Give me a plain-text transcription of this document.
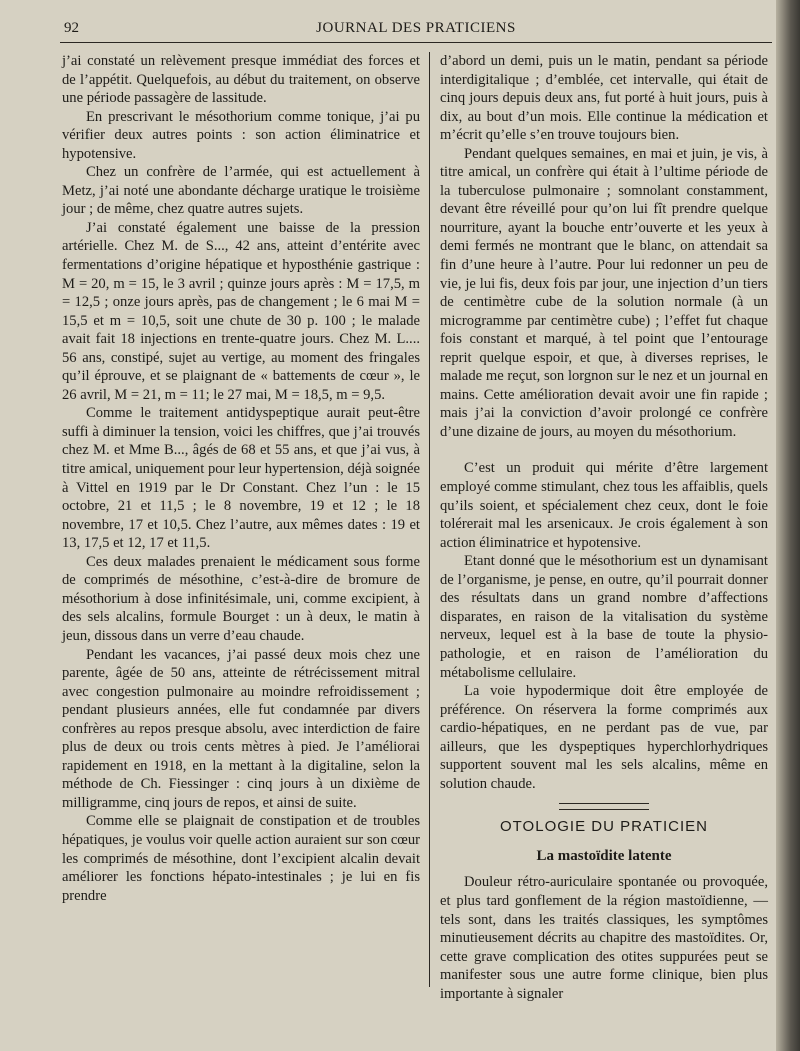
92	JOURNAL DES PRATICIENS

j’ai constaté un relèvement presque immédiat des forces et de l’appétit. Quelquefois, au début du traitement, on observe une période passagère de lassitude.

En prescrivant le mésothorium comme tonique, j’ai pu vérifier deux autres points : son action éliminatrice et hypotensive.

Chez un confrère de l’armée, qui est actuellement à Metz, j’ai noté une abondante décharge uratique le troisième jour ; de même, chez quatre autres sujets.

J’ai constaté également une baisse de la pression artérielle. Chez M. de S..., 42 ans, atteint d’entérite avec fermentations d’origine hépatique et hyposthénie gastrique : M = 20, m = 15, le 3 avril ; quinze jours après : M = 17,5, m = 12,5 ; onze jours après, pas de changement ; le 6 mai M = 15,5 et m = 10,5, soit une chute de 30 p. 100 ; le malade avait fait 18 injections en trente-quatre jours. Chez M. L.... 56 ans, constipé, sujet au vertige, au moment des fringales qu’il éprouve, et se plaignant de « battements de cœur », le 26 avril, M = 21, m = 11; le 27 mai, M = 18,5, m = 9,5.

Comme le traitement antidyspeptique aurait peut-être suffi à diminuer la tension, voici les chiffres, que j’ai trouvés chez M. et Mme B..., âgés de 68 et 55 ans, et que j’ai vus, à titre amical, uniquement pour leur hypertension, déjà soignée à Vittel en 1919 par le Dr Constant. Chez l’un : le 15 octobre, 21 et 11,5 ; le 8 novembre, 19 et 12 ; le 18 novembre, 17 et 10,5. Chez l’autre, aux mêmes dates : 19 et 13, 17,5 et 12, 17 et 11,5.

Ces deux malades prenaient le médicament sous forme de comprimés de mésothine, c’est-à-dire de bromure de mésothorium à dose infinitésimale, uni, comme excipient, à des sels alcalins, formule Bourget : un à deux, le matin à jeun, dissous dans un verre d’eau chaude.

Pendant les vacances, j’ai passé deux mois chez une parente, âgée de 50 ans, atteinte de rétrécissement mitral avec congestion pulmonaire au moindre refroidissement ; pendant plusieurs années, elle fut condamnée par divers confrères au repos presque absolu, avec interdiction de faire plus de deux ou trois cents mètres à pied. Je l’améliorai rapidement en 1918, en la mettant à la digitaline, selon la méthode de Ch. Fiessinger : cinq jours à un dixième de milligramme, cinq jours de repos, et ainsi de suite.

Comme elle se plaignait de constipation et de troubles hépatiques, je voulus voir quelle action auraient sur son cœur les comprimés de mésothine, dont l’excipient alcalin devait améliorer les fonctions hépato-intestinales ; je lui en fis prendre

d’abord un demi, puis un le matin, pendant sa période interdigitalique ; d’emblée, cet intervalle, qui était de cinq jours depuis deux ans, fut porté à huit jours, puis à dix, au bout d’un mois. Elle continue la médication et m’écrit qu’elle s’en trouve toujours bien.

Pendant quelques semaines, en mai et juin, je vis, à titre amical, un confrère qui était à l’ultime période de la tuberculose pulmonaire ; somnolant constamment, devant être réveillé pour qu’on lui fît prendre quelque nourriture, ayant la bouche entr’ouverte et les yeux à demi fermés ne montrant que le blanc, on attendait sa fin d’une heure à l’autre. Pour lui redonner un peu de vie, je lui fis, deux fois par jour, une injection d’un tiers de centimètre cube de la solution normale (à un microgramme par centimètre cube) ; l’effet fut chaque fois constant et marqué, à tel point que l’entourage reprit quelque espoir, et que, à diverses reprises, le malade me reçut, son lorgnon sur le nez et un journal en mains. Cette amélioration devait avoir une fin rapide ; mais j’ai la conviction d’avoir prolongé ce confrère d’une dizaine de jours, au moyen du mésothorium.

C’est un produit qui mérite d’être largement employé comme stimulant, chez tous les affaiblis, quels qu’ils soient, et spécialement chez ceux, dont le foie tolérerait mal les arsenicaux. Je crois également à son action éliminatrice et hypotensive.

Etant donné que le mésothorium est un dynamisant de l’organisme, je pense, en outre, qu’il pourrait donner des résultats dans un grand nombre d’affections disparates, en raison de la vitalisation du système nerveux, lequel est à la base de toute la physio-pathologie, et en raison de l’amélioration du métabolisme cellulaire.

La voie hypodermique doit être employée de préférence. On réservera la forme comprimés aux cardio-hépatiques, en ne perdant pas de vue, par ailleurs, que les dyspeptiques hyperchlorhydriques supportent souvent mal les sels alcalins, même en solution chaude.

OTOLOGIE DU PRATICIEN
La mastoïdite latente

Douleur rétro-auriculaire spontanée ou provoquée, et plus tard gonflement de la région mastoïdienne, — tels sont, dans les traités classiques, les symptômes minutieusement décrits au chapitre des mastoïdites. Or, cette grave complication des otites suppurées peut se manifester sous une autre forme clinique, bien plus importante à signaler
